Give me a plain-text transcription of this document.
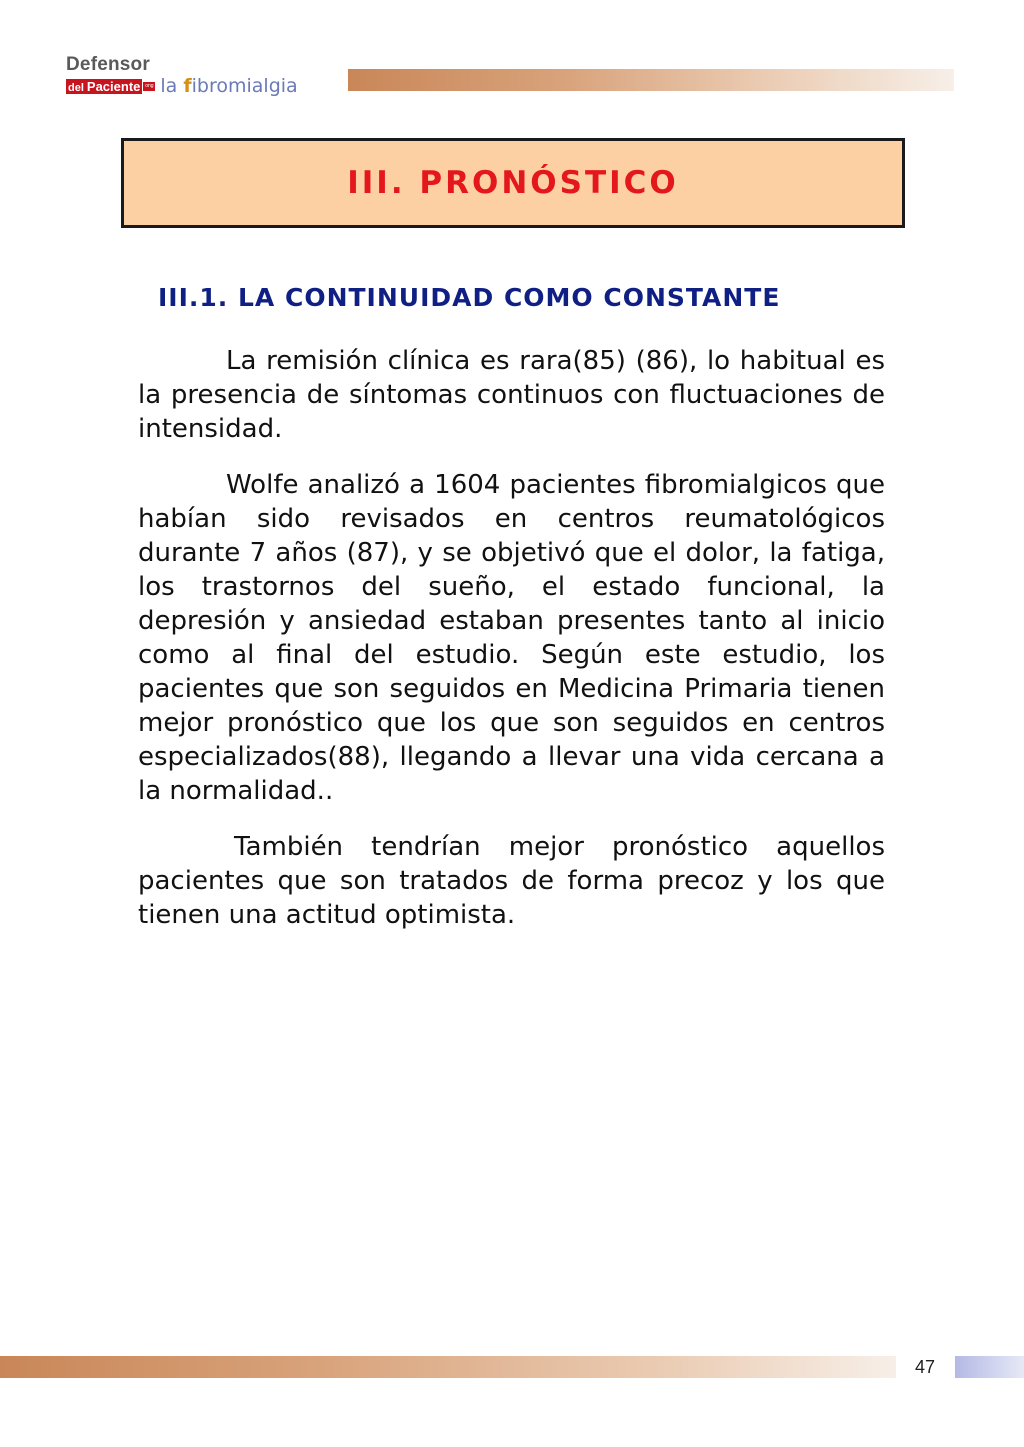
Defensor
del Paciente ong la fibromialgia
III. PRONÓSTICO
III.1. LA CONTINUIDAD COMO CONSTANTE

La remisión clínica es rara(85) (86), lo habitual es la presencia de síntomas continuos con fluctuaciones de intensidad.

Wolfe analizó a 1604 pacientes fibromialgicos que habían sido revisados en centros reumatológicos durante 7 años (87), y se objetivó que el dolor, la fatiga, los trastornos del sueño, el estado funcional, la depresión y ansiedad estaban presentes tanto al inicio como al final del estudio. Según este estudio, los pacientes que son seguidos en Medicina Primaria tienen mejor pronóstico que los que son seguidos en centros especializados(88), llegando a llevar una vida cercana a la normalidad..

También tendrían mejor pronóstico aquellos pacientes que son tratados de forma precoz y los que tienen una actitud optimista.

47
